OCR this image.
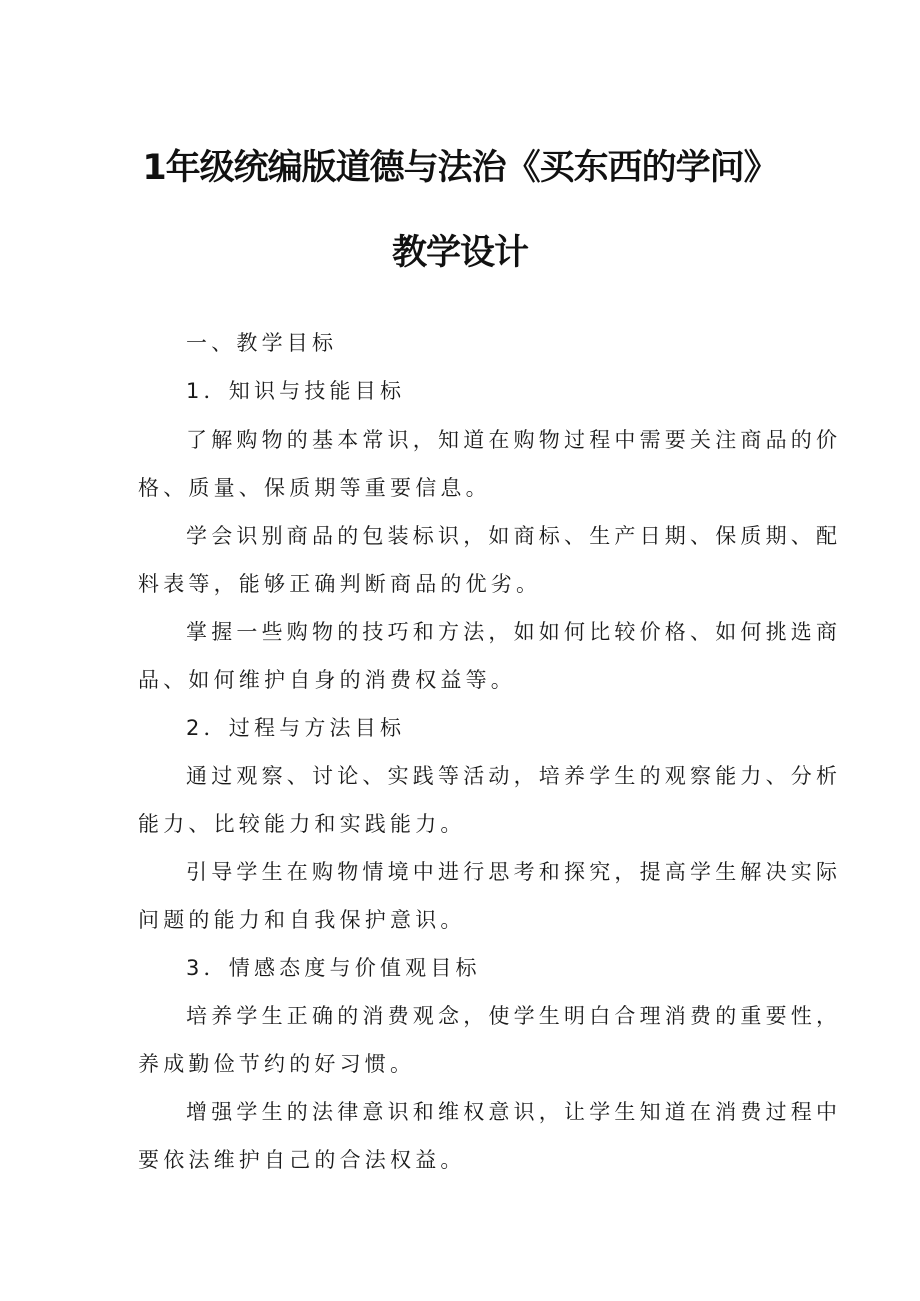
1年级统编版道德与法治《买东西的学问》
教学设计
一、教学目标
1．知识与技能目标
了解购物的基本常识，知道在购物过程中需要关注商品的价
格、质量、保质期等重要信息。
学会识别商品的包装标识，如商标、生产日期、保质期、配
料表等，能够正确判断商品的优劣。
掌握一些购物的技巧和方法，如如何比较价格、如何挑选商
品、如何维护自身的消费权益等。
2．过程与方法目标
通过观察、讨论、实践等活动，培养学生的观察能力、分析
能力、比较能力和实践能力。
引导学生在购物情境中进行思考和探究，提高学生解决实际
问题的能力和自我保护意识。
3．情感态度与价值观目标
培养学生正确的消费观念，使学生明白合理消费的重要性，
养成勤俭节约的好习惯。
增强学生的法律意识和维权意识，让学生知道在消费过程中
要依法维护自己的合法权益。
